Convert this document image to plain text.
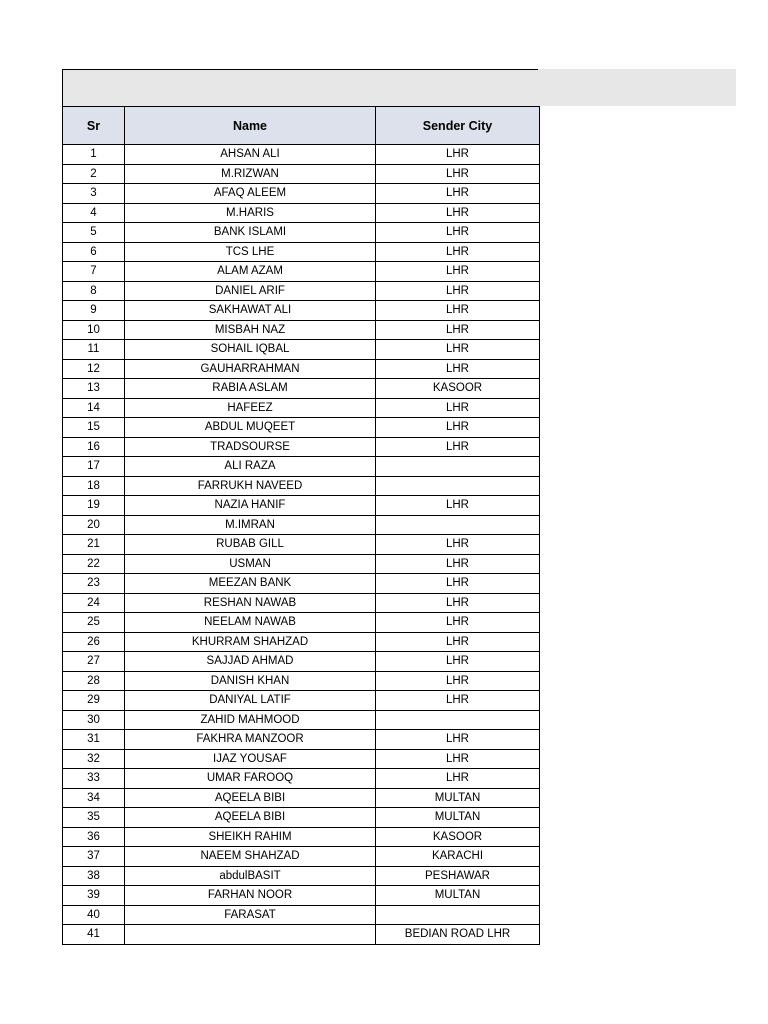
Sr	Name	Sender City
1	AHSAN ALI	LHR
2	M.RIZWAN	LHR
3	AFAQ ALEEM	LHR
4	M.HARIS	LHR
5	BANK ISLAMI	LHR
6	TCS LHE	LHR
7	ALAM AZAM	LHR
8	DANIEL ARIF	LHR
9	SAKHAWAT ALI	LHR
10	MISBAH NAZ	LHR
11	SOHAIL IQBAL	LHR
12	GAUHARRAHMAN	LHR
13	RABIA ASLAM	KASOOR
14	HAFEEZ	LHR
15	ABDUL MUQEET	LHR
16	TRADSOURSE	LHR
17	ALI RAZA	
18	FARRUKH NAVEED	
19	NAZIA HANIF	LHR
20	M.IMRAN	
21	RUBAB GILL	LHR
22	USMAN	LHR
23	MEEZAN BANK	LHR
24	RESHAN NAWAB	LHR
25	NEELAM NAWAB	LHR
26	KHURRAM SHAHZAD	LHR
27	SAJJAD AHMAD	LHR
28	DANISH KHAN	LHR
29	DANIYAL LATIF	LHR
30	ZAHID MAHMOOD	
31	FAKHRA MANZOOR	LHR
32	IJAZ YOUSAF	LHR
33	UMAR FAROOQ	LHR
34	AQEELA BIBI	MULTAN
35	AQEELA BIBI	MULTAN
36	SHEIKH RAHIM	KASOOR
37	NAEEM SHAHZAD	KARACHI
38	abdulBASIT	PESHAWAR
39	FARHAN NOOR	MULTAN
40	FARASAT	
41		BEDIAN ROAD LHR
